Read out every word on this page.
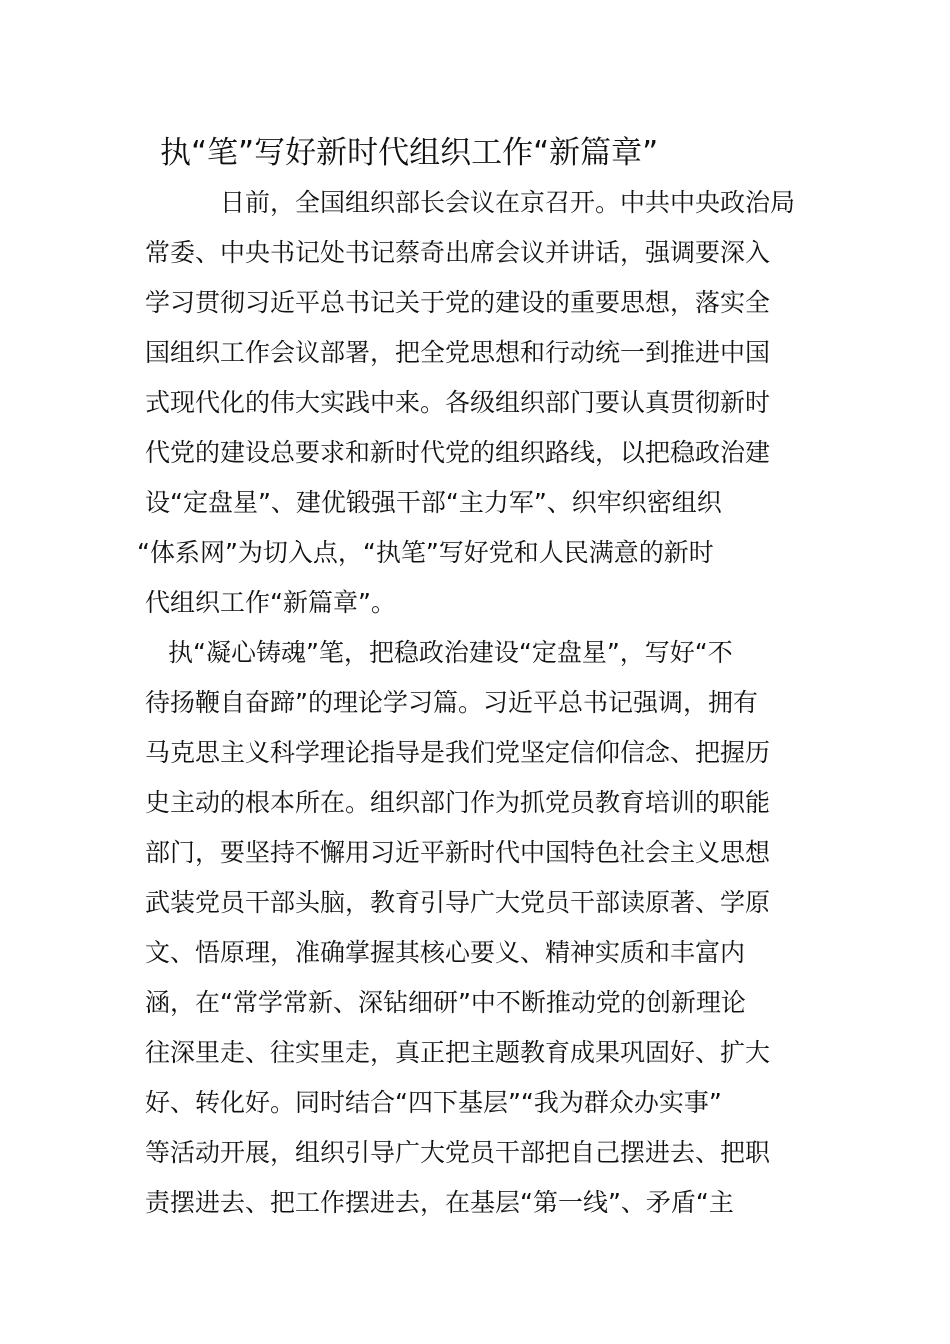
执“笔”写好新时代组织工作“新篇章”

日前，全国组织部长会议在京召开。中共中央政治局

常委、中央书记处书记蔡奇出席会议并讲话，强调要深入

学习贯彻习近平总书记关于党的建设的重要思想，落实全

国组织工作会议部署，把全党思想和行动统一到推进中国

式现代化的伟大实践中来。各级组织部门要认真贯彻新时

代党的建设总要求和新时代党的组织路线，以把稳政治建

设“定盘星”、建优锻强干部“主力军”、织牢织密组织

“体系网”为切入点，“执笔”写好党和人民满意的新时

代组织工作“新篇章”。

执“凝心铸魂”笔，把稳政治建设“定盘星”，写好“不

待扬鞭自奋蹄”的理论学习篇。习近平总书记强调，拥有

马克思主义科学理论指导是我们党坚定信仰信念、把握历

史主动的根本所在。组织部门作为抓党员教育培训的职能

部门，要坚持不懈用习近平新时代中国特色社会主义思想

武装党员干部头脑，教育引导广大党员干部读原著、学原

文、悟原理，准确掌握其核心要义、精神实质和丰富内

涵，在“常学常新、深钻细研”中不断推动党的创新理论

往深里走、往实里走，真正把主题教育成果巩固好、扩大

好、转化好。同时结合“四下基层”“我为群众办实事”

等活动开展，组织引导广大党员干部把自己摆进去、把职

责摆进去、把工作摆进去，在基层“第一线”、矛盾“主
